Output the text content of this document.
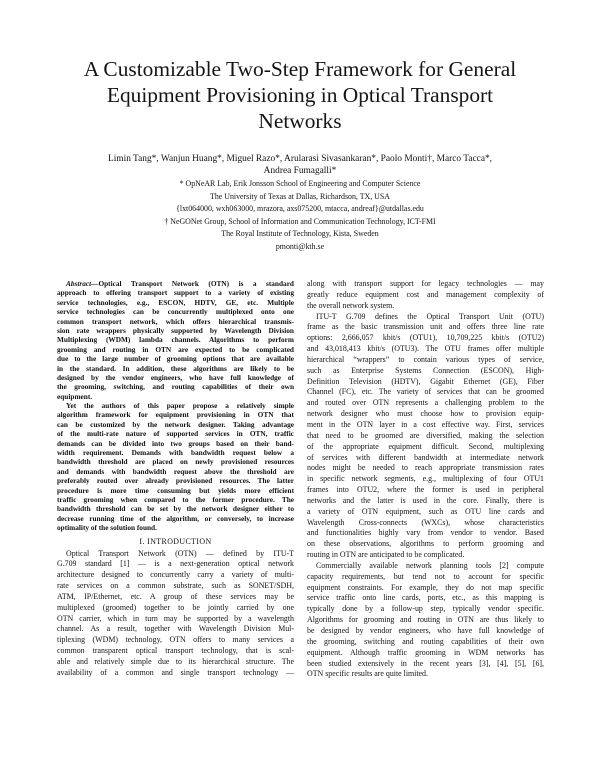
A Customizable Two-Step Framework for General
Equipment Provisioning in Optical Transport
Networks
Limin Tang*, Wanjun Huang*, Miguel Razo*, Arularasi Sivasankaran*, Paolo Monti†, Marco Tacca*,
Andrea Fumagalli*
* OpNeAR Lab, Erik Jonsson School of Engineering and Computer Science
The University of Texas at Dallas, Richardson, TX, USA
{lxt064000, wxh063000, mrazora, axs075200, mtacca, andreaf}@utdallas.edu
† NeGONet Group, School of Information and Communication Technology, ICT-FMI
The Royal Institute of Technology, Kista, Sweden
pmonti@kth.se
Abstract—Optical Transport Network (OTN) is a standard
approach to offering transport support to a variety of existing
service technologies, e.g., ESCON, HDTV, GE, etc. Multiple
service technologies can be concurrently multiplexed onto one
common transport network, which offers hierarchical transmis-
sion rate wrappers physically supported by Wavelength Division
Multiplexing (WDM) lambda channels. Algorithms to perform
grooming and routing in OTN are expected to be complicated
due to the large number of grooming options that are available
in the standard. In addition, these algorithms are likely to be
designed by the vendor engineers, who have full knowledge of
the grooming, switching, and routing capabilities of their own
equipment.
Yet the authors of this paper propose a relatively simple
algorithm framework for equipment provisioning in OTN that
can be customized by the network designer. Taking advantage
of the multi-rate nature of supported services in OTN, traffic
demands can be divided into two groups based on their band-
width requirement. Demands with bandwidth request below a
bandwidth threshold are placed on newly provisioned resources
and demands with bandwidth request above the threshold are
preferably routed over already provisioned resources. The latter
procedure is more time consuming but yields more efficient
traffic grooming when compared to the former procedure. The
bandwidth threshold can be set by the network designer either to
decrease running time of the algorithm, or conversely, to increase
optimality of the solution found.
I. INTRODUCTION
Optical Transport Network (OTN) — defined by ITU-T
G.709 standard [1] — is a next-generation optical network
architecture designed to concurrently carry a variety of multi-
rate services on a common substrate, such as SONET/SDH,
ATM, IP/Ethernet, etc. A group of these services may be
multiplexed (groomed) together to be jointly carried by one
OTN carrier, which in turn may be supported by a wavelength
channel. As a result, together with Wavelength Division Mul-
tiplexing (WDM) technology, OTN offers to many services a
common transparent optical transport technology, that is scal-
able and relatively simple due to its hierarchical structure. The
availability of a common and single transport technology —
along with transport support for legacy technologies — may
greatly reduce equipment cost and management complexity of
the overall network system.
ITU-T G.709 defines the Optical Transport Unit (OTU)
frame as the basic transmission unit and offers three line rate
options: 2,666,057 kbit/s (OTU1), 10,709,225 kbit/s (OTU2)
and 43,018,413 kbit/s (OTU3). The OTU frames offer multiple
hierarchical “wrappers” to contain various types of service,
such as Enterprise Systems Connection (ESCON), High-
Definition Television (HDTV), Gigabit Ethernet (GE), Fiber
Channel (FC), etc. The variety of services that can be groomed
and routed over OTN represents a challenging problem to the
network designer who must choose how to provision equip-
ment in the OTN layer in a cost effective way. First, services
that need to be groomed are diversified, making the selection
of the appropriate equipment difficult. Second, multiplexing
of services with different bandwidth at intermediate network
nodes might be needed to reach appropriate transmission rates
in specific network segments, e.g., multiplexing of four OTU1
frames into OTU2, where the former is used in peripheral
networks and the latter is used in the core. Finally, there is
a variety of OTN equipment, such as OTU line cards and
Wavelength Cross-connects (WXCs), whose characteristics
and functionalities highly vary from vendor to vendor. Based
on these observations, algorithms to perform grooming and
routing in OTN are anticipated to be complicated.
Commercially available network planning tools [2] compute
capacity requirements, but tend not to account for specific
equipment constraints. For example, they do not map specific
service traffic onto line cards, ports, etc., as this mapping is
typically done by a follow-up step, typically vendor specific.
Algorithms for grooming and routing in OTN are thus likely to
be designed by vendor engineers, who have full knowledge of
the grooming, switching and routing capabilities of their own
equipment. Although traffic grooming in WDM networks has
been studied extensively in the recent years [3], [4], [5], [6],
OTN specific results are quite limited.
